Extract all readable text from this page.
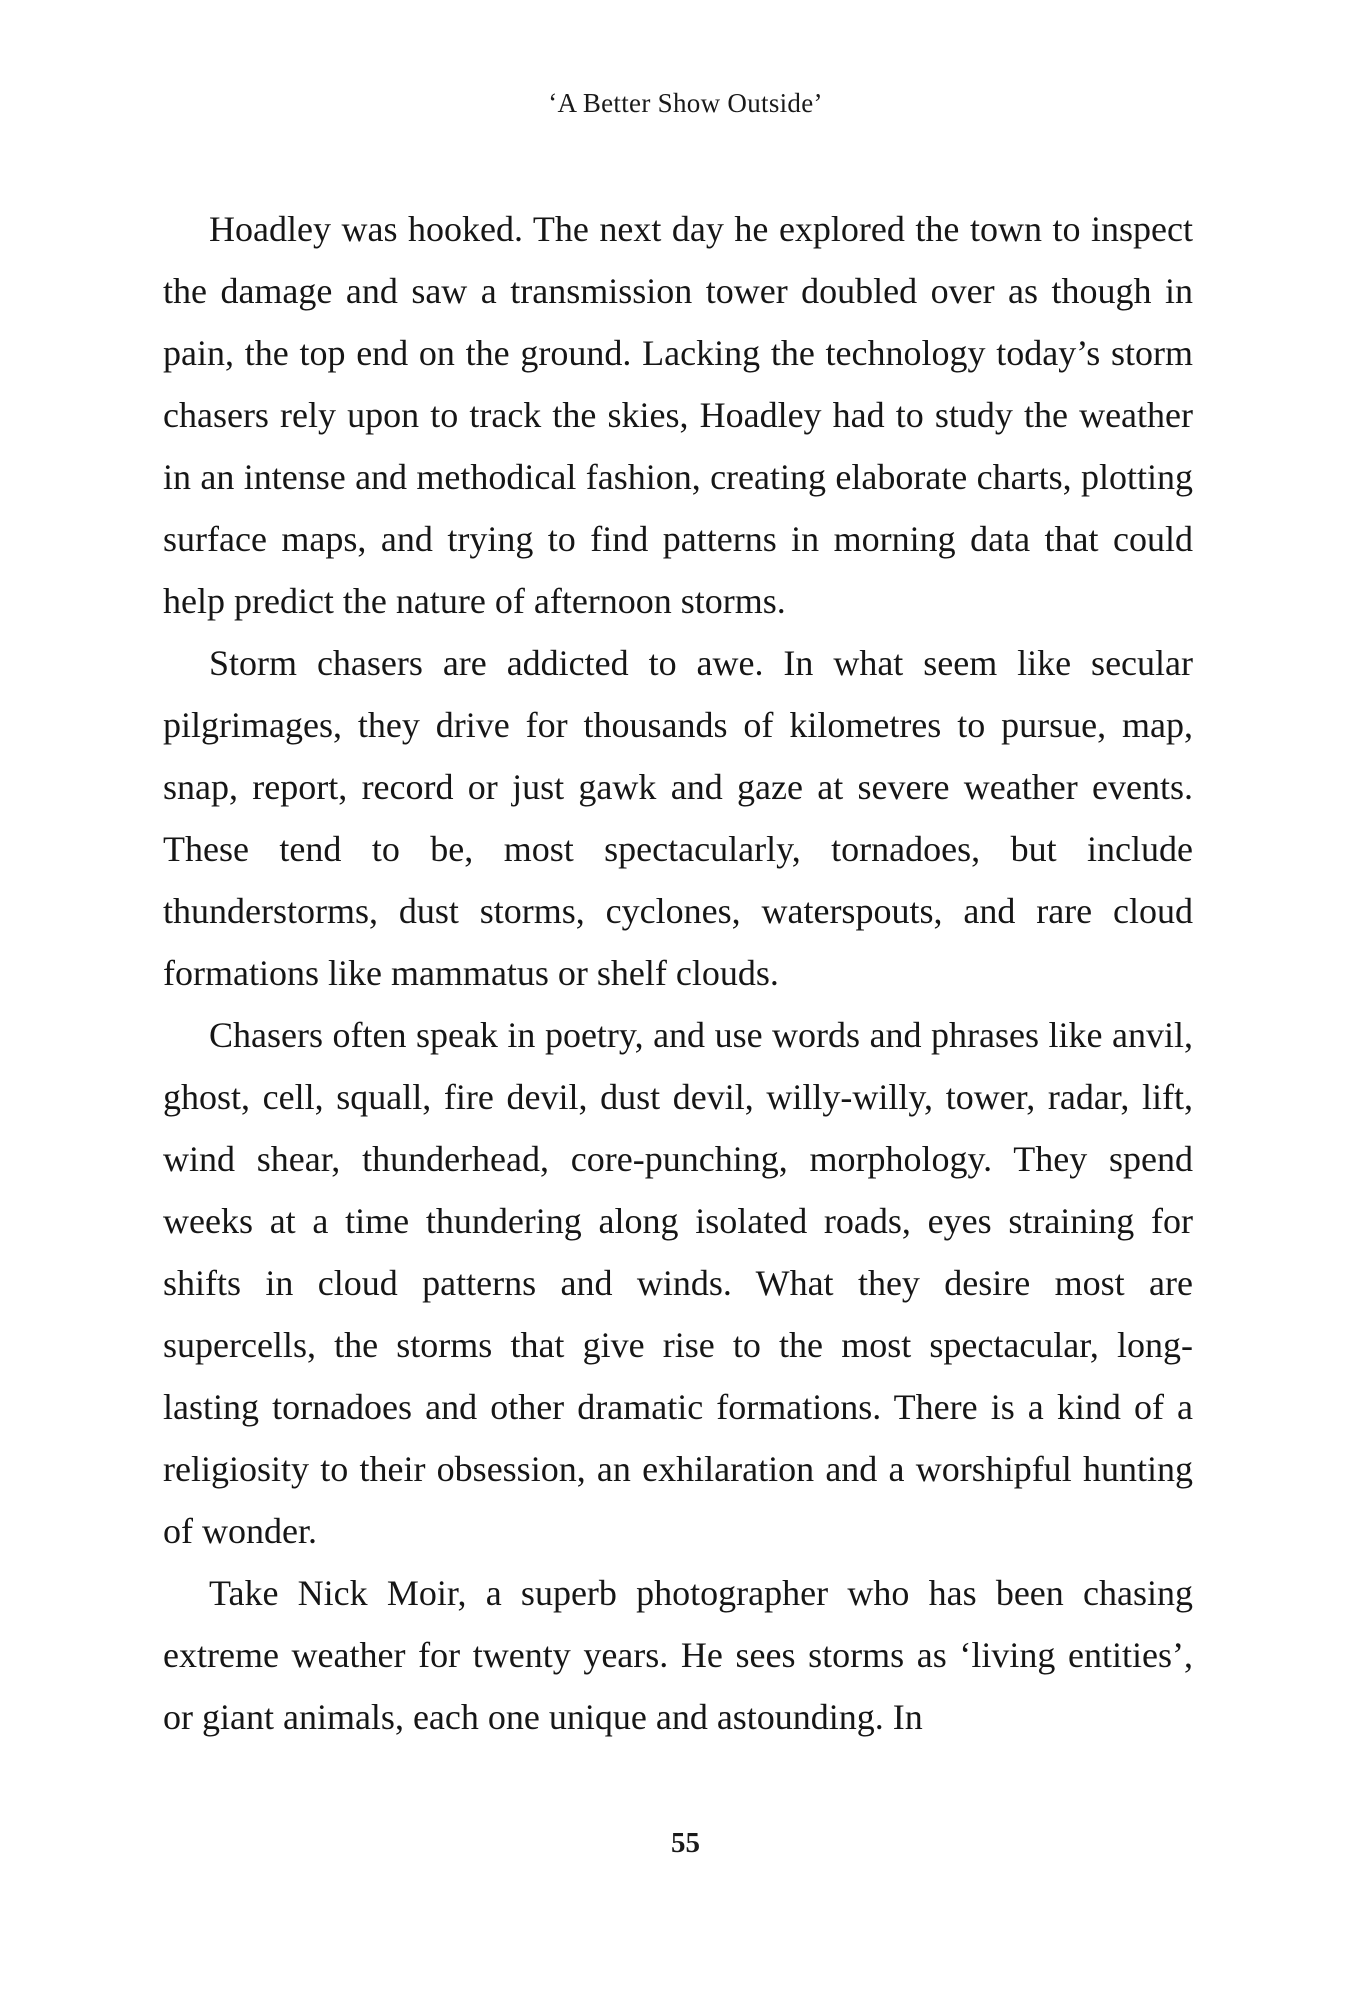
‘A Better Show Outside’

Hoadley was hooked. The next day he explored the town to inspect the damage and saw a transmission tower doubled over as though in pain, the top end on the ground. Lacking the technology today’s storm chasers rely upon to track the skies, Hoadley had to study the weather in an intense and methodical fashion, creating elaborate charts, plotting surface maps, and trying to find patterns in morning data that could help predict the nature of afternoon storms.

Storm chasers are addicted to awe. In what seem like secular pilgrimages, they drive for thousands of kilometres to pursue, map, snap, report, record or just gawk and gaze at severe weather events. These tend to be, most spectacularly, tornadoes, but include thunderstorms, dust storms, cyclones, waterspouts, and rare cloud formations like mammatus or shelf clouds.

Chasers often speak in poetry, and use words and phrases like anvil, ghost, cell, squall, fire devil, dust devil, willy-willy, tower, radar, lift, wind shear, thunderhead, core-punching, morphology. They spend weeks at a time thundering along isolated roads, eyes straining for shifts in cloud patterns and winds. What they desire most are supercells, the storms that give rise to the most spectacular, long-lasting tornadoes and other dramatic formations. There is a kind of a religiosity to their obsession, an exhilaration and a worshipful hunting of wonder.

Take Nick Moir, a superb photographer who has been chasing extreme weather for twenty years. He sees storms as ‘living entities’, or giant animals, each one unique and astounding. In

55
